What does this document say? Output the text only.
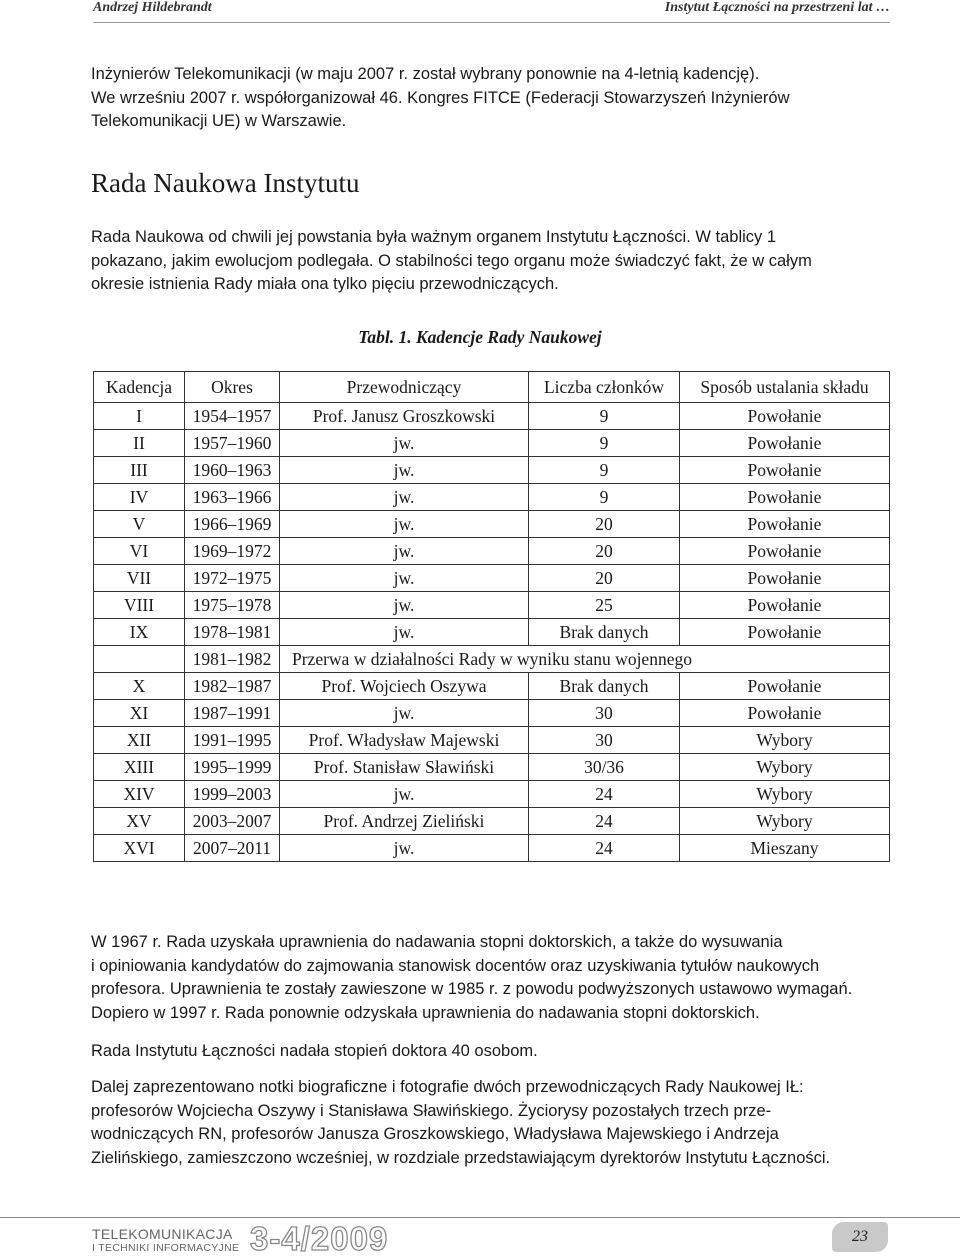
Andrzej Hildebrandt	Instytut Łączności na przestrzeni lat …

Inżynierów Telekomunikacji (w maju 2007 r. został wybrany ponownie na 4-letnią kadencję).

We wrześniu 2007 r. współorganizował 46. Kongres FITCE (Federacji Stowarzyszeń Inżynierów

Telekomunikacji UE) w Warszawie.

Rada Naukowa Instytutu

Rada Naukowa od chwili jej powstania była ważnym organem Instytutu Łączności. W tablicy 1

pokazano, jakim ewolucjom podlegała. O stabilności tego organu może świadczyć fakt, że w całym

okresie istnienia Rady miała ona tylko pięciu przewodniczących.

Tabl. 1. Kadencje Rady Naukowej
Kadencja	Okres	Przewodniczący	Liczba członków	Sposób ustalania składu
I	1954–1957	Prof. Janusz Groszkowski	9	Powołanie
II	1957–1960	jw.	9	Powołanie
III	1960–1963	jw.	9	Powołanie
IV	1963–1966	jw.	9	Powołanie
V	1966–1969	jw.	20	Powołanie
VI	1969–1972	jw.	20	Powołanie
VII	1972–1975	jw.	20	Powołanie
VIII	1975–1978	jw.	25	Powołanie
IX	1978–1981	jw.	Brak danych	Powołanie
	1981–1982	Przerwa w działalności Rady w wyniku stanu wojennego		
X	1982–1987	Prof. Wojciech Oszywa	Brak danych	Powołanie
XI	1987–1991	jw.	30	Powołanie
XII	1991–1995	Prof. Władysław Majewski	30	Wybory
XIII	1995–1999	Prof. Stanisław Sławiński	30/36	Wybory
XIV	1999–2003	jw.	24	Wybory
XV	2003–2007	Prof. Andrzej Zieliński	24	Wybory
XVI	2007–2011	jw.	24	Mieszany

W 1967 r. Rada uzyskała uprawnienia do nadawania stopni doktorskich, a także do wysuwania

i opiniowania kandydatów do zajmowania stanowisk docentów oraz uzyskiwania tytułów naukowych

profesora. Uprawnienia te zostały zawieszone w 1985 r. z powodu podwyższonych ustawowo wymagań.

Dopiero w 1997 r. Rada ponownie odzyskała uprawnienia do nadawania stopni doktorskich.

Rada Instytutu Łączności nadała stopień doktora 40 osobom.

Dalej zaprezentowano notki biograficzne i fotografie dwóch przewodniczących Rady Naukowej IŁ:

profesorów Wojciecha Oszywy i Stanisława Sławińskiego. Życiorysy pozostałych trzech prze-

wodniczących RN, profesorów Janusza Groszkowskiego, Władysława Majewskiego i Andrzeja

Zielińskiego, zamieszczono wcześniej, w rozdziale przedstawiającym dyrektorów Instytutu Łączności.

TELEKOMUNIKACJA
I TECHNIKI INFORMACYJNE 3-4/2009	23
